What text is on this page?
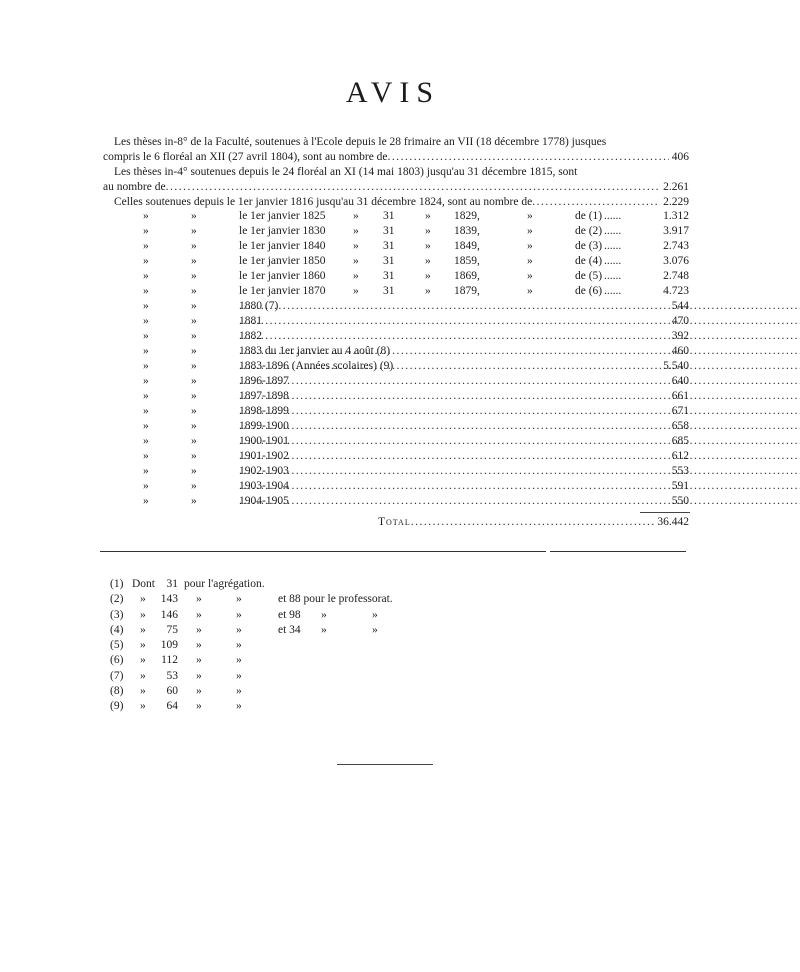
AVIS
Les thèses in-8° de la Faculté, soutenues à l'Ecole depuis le 28 frimaire an VII (18 décembre 1778) jusques
compris le 6 floréal an XII (27 avril 1804), sont au nombre de .....	406
Les thèses in-4° soutenues depuis le 24 floréal an XI (14 mai 1803) jusqu'au 31 décembre 1815, sont
au nombre de .....	2.261
Celles soutenues depuis le 1er janvier 1816 jusqu'au 31 décembre 1824, sont au nombre de .....	2.229
»	»	le 1er janvier 1825 » 31	» 1829,	»	de (1)	1.312
......
»	»	le 1er janvier 1830 » 31	» 1839,	»	de (2)	3.917
......
»	»	le 1er janvier 1840 » 31	» 1849,	»	de (3)	2.743
......
»	»	le 1er janvier 1850 » 31	» 1859,	»	de (4)	3.076
......
»	»	le 1er janvier 1860 » 31	» 1869,	»	de (5)	2.748
......
»	»	le 1er janvier 1870 » 31	» 1879,	»	de (6)	4.723
......
»	»	1880 (7) .....	544
»	»	1881 .....	470
»	»	1882 .....	392
»	»	1883 du 1er janvier au 4 août (8) .....	460
»	»	1883-1896 (Années scolaires) (9) .....	5.540
»	»	1896-1897 .....	640
»	»	1897-1898 .....	661
»	»	1898-1899 .....	671
»	»	1899-1900 .....	658
»	»	1900-1901 .....	685
»	»	1901-1902 .....	612
»	»	1902-1903 .....	553
»	»	1903-1904 .....	591
»	»	1904-1905 .....	550
Total .....	36.442
(1) Dont	31 pour l'agrégation.
(2) »	143 »	»	et 88 pour le professorat.
(3) »	146 »	»	et 98 »	»
(4) »	75 »	»	et 34 »	»
(5) »	109 »	»
(6) »	112 »	»
(7) »	53 »	»
(8) »	60 »	»
(9) »	64 »	»
